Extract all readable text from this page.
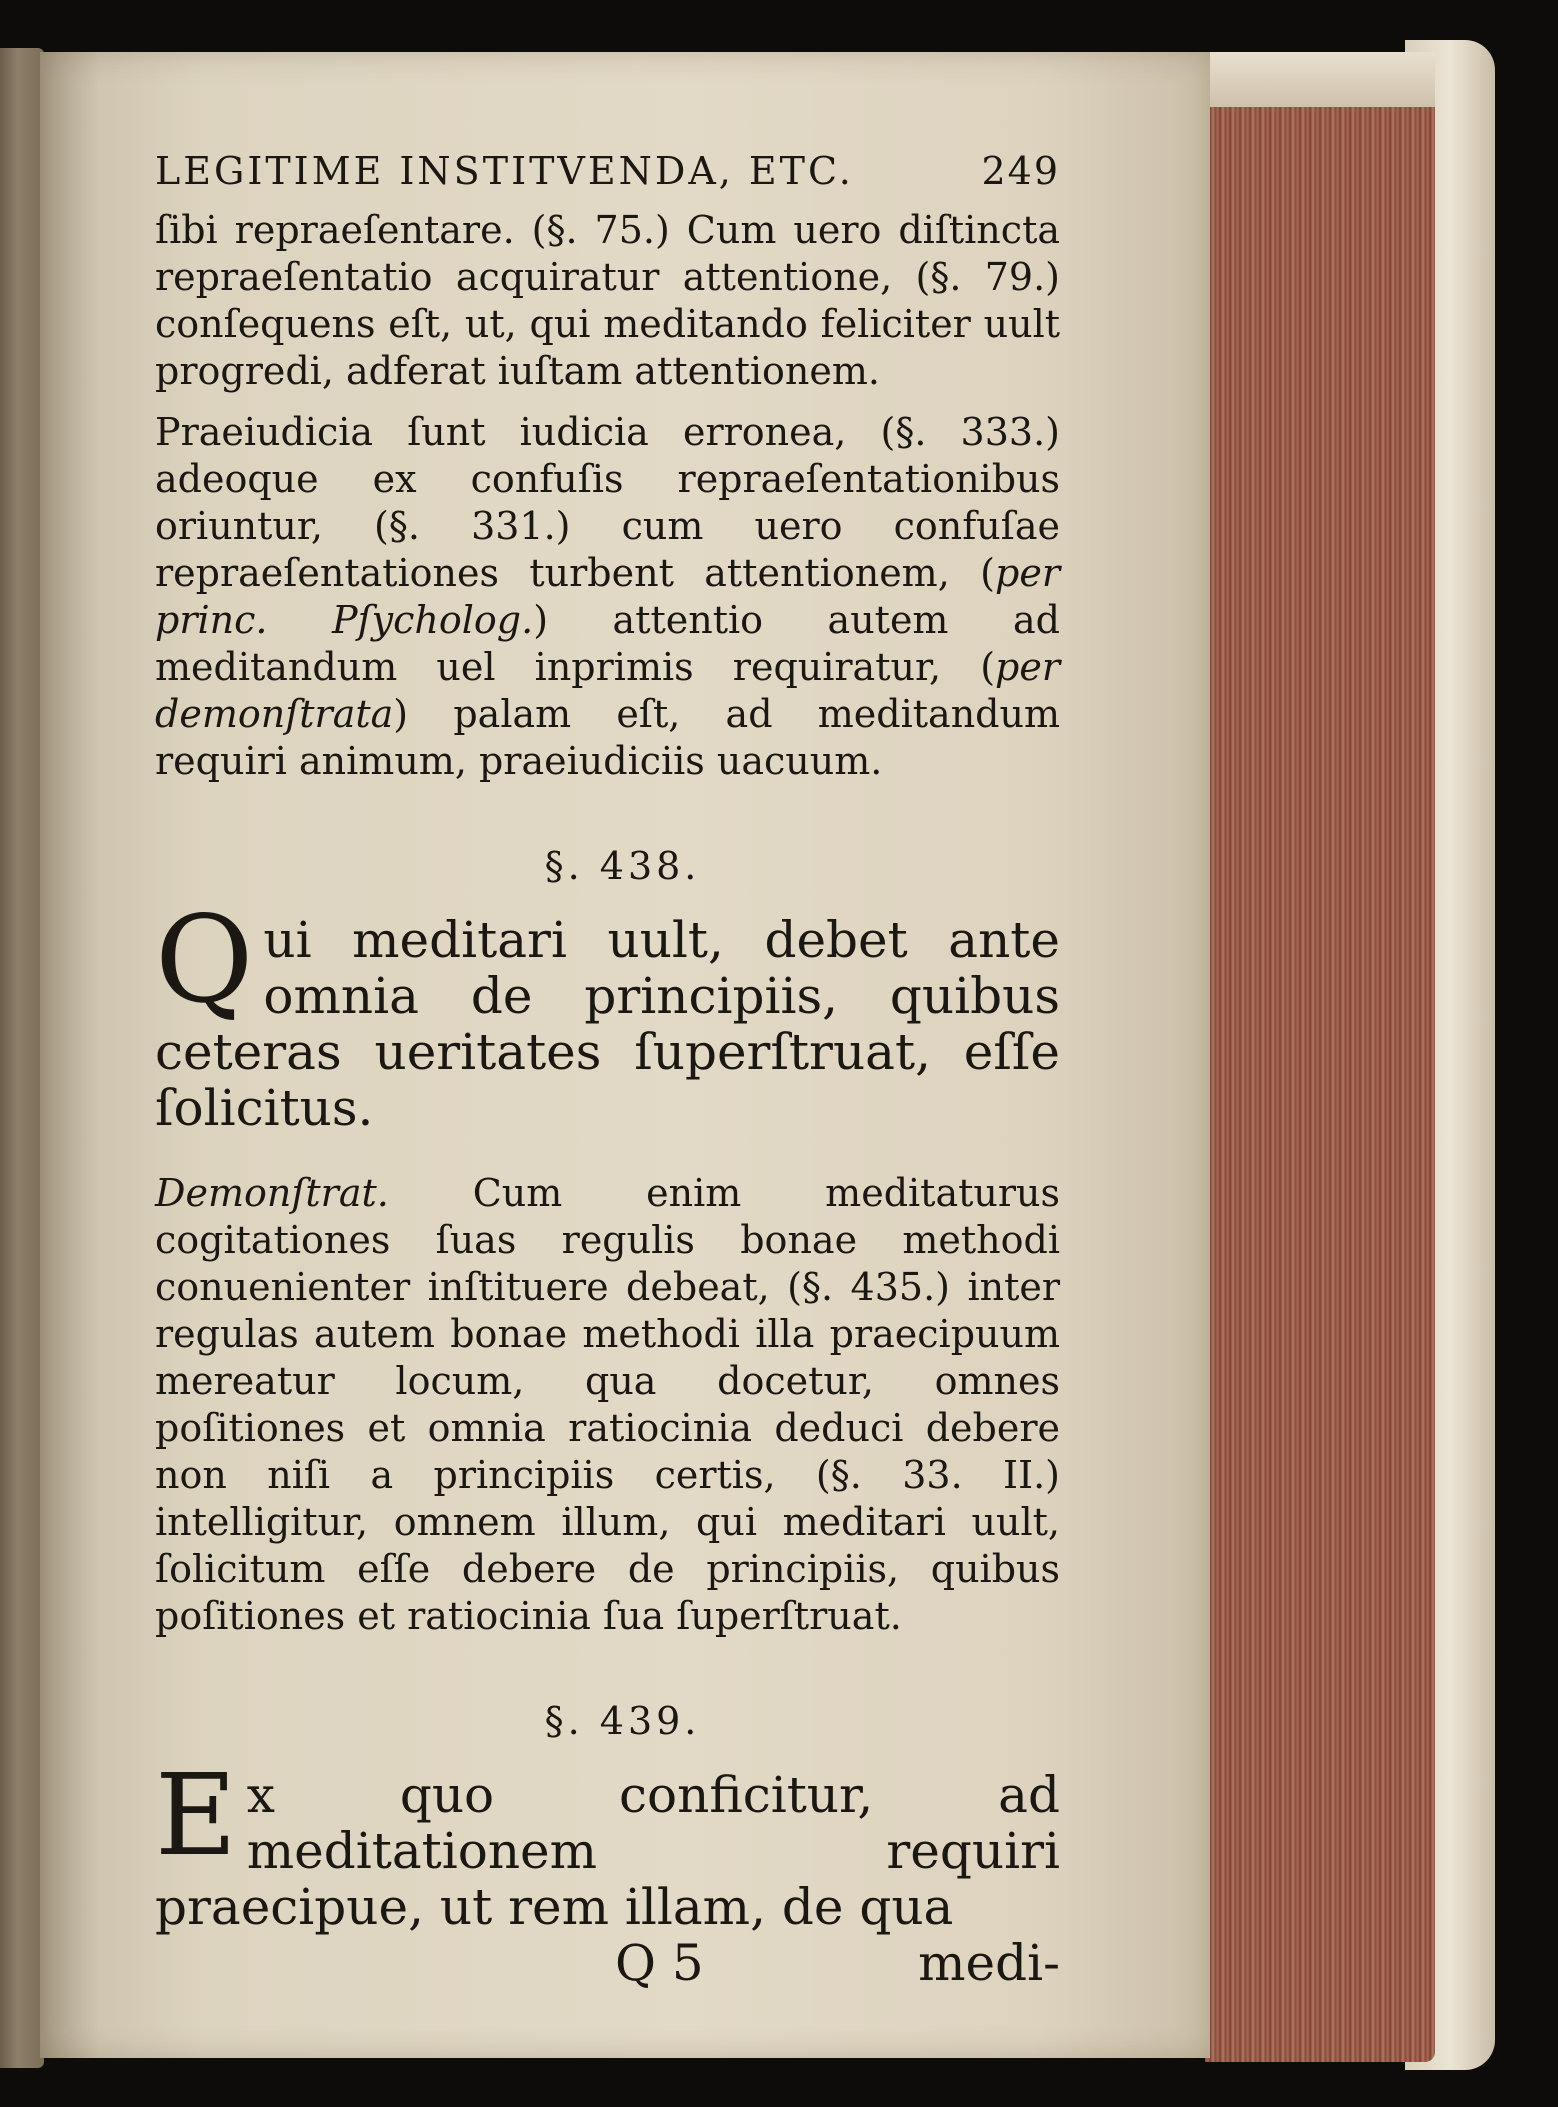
LEGITIME INSTITVENDA, ETC.	249

ſibi repraeſentare. (§. 75.) Cum uero diſtincta repraeſentatio acquiratur attentione, (§. 79.) conſequens eſt, ut, qui meditando feliciter uult progredi, adferat iuſtam attentionem.

Praeiudicia ſunt iudicia erronea, (§. 333.) adeoque ex confuſis repraeſentationibus oriuntur, (§. 331.) cum uero confuſae repraeſentationes turbent attentionem, (per princ. Pſycholog.) attentio autem ad meditandum uel inprimis requiratur, (per demonſtrata) palam eſt, ad meditandum requiri animum, praeiudiciis uacuum.

§. 438.

Qui meditari uult, debet ante omnia de principiis, quibus ceteras ueritates ſuperſtruat, eſſe ſolicitus.

Demonſtrat. Cum enim meditaturus cogitationes ſuas regulis bonae methodi conuenienter inſtituere debeat, (§. 435.) inter regulas autem bonae methodi illa praecipuum mereatur locum, qua docetur, omnes poſitiones et omnia ratiocinia deduci debere non niſi a principiis certis, (§. 33. II.) intelligitur, omnem illum, qui meditari uult, ſolicitum eſſe debere de principiis, quibus poſitiones et ratiocinia ſua ſuperſtruat.

§. 439.

Ex quo conficitur, ad meditationem requiri praecipue, ut rem illam, de qua

Q 5	medi-
